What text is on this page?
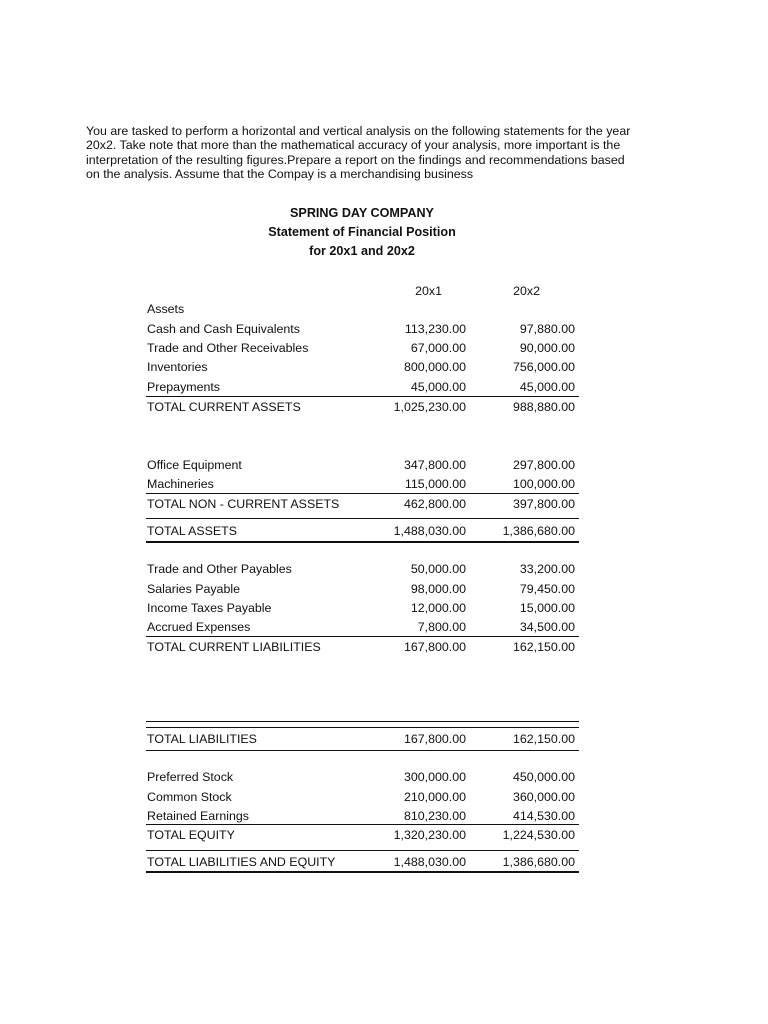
You are tasked to perform a horizontal and vertical analysis on the following statements for the year
20x2. Take note that more than the mathematical accuracy of your analysis, more important is the
interpretation of the resulting figures.Prepare a report on the findings and recommendations based
on the analysis. Assume that the Compay is a merchandising business
SPRING DAY COMPANY
Statement of Financial Position
for 20x1 and 20x2
20x1	20x2
Assets
Cash and Cash Equivalents	113,230.00	97,880.00
Trade and Other Receivables	67,000.00	90,000.00
Inventories	800,000.00	756,000.00
Prepayments	45,000.00	45,000.00
TOTAL CURRENT ASSETS	1,025,230.00	988,880.00
Office Equipment	347,800.00	297,800.00
Machineries	115,000.00	100,000.00
TOTAL NON - CURRENT ASSETS	462,800.00	397,800.00
TOTAL ASSETS	1,488,030.00	1,386,680.00
Trade and Other Payables	50,000.00	33,200.00
Salaries Payable	98,000.00	79,450.00
Income Taxes Payable	12,000.00	15,000.00
Accrued Expenses	7,800.00	34,500.00
TOTAL CURRENT LIABILITIES	167,800.00	162,150.00
TOTAL LIABILITIES	167,800.00	162,150.00
Preferred Stock	300,000.00	450,000.00
Common Stock	210,000.00	360,000.00
Retained Earnings	810,230.00	414,530.00
TOTAL EQUITY	1,320,230.00	1,224,530.00
TOTAL LIABILITIES AND EQUITY	1,488,030.00	1,386,680.00
